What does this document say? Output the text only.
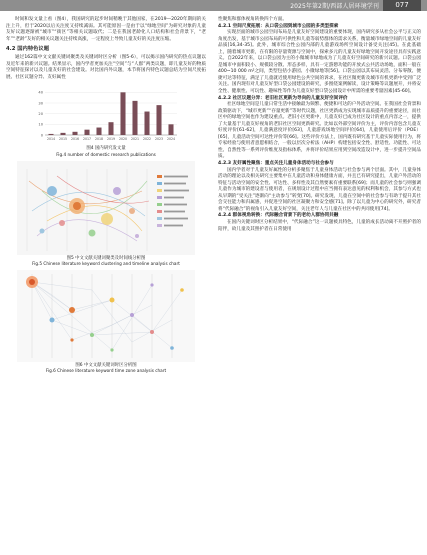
2025年第2期/西部人居环境学刊	077

时间和发文量上看（图4），我国研究的起步时间稍晚于其他国家，在2019—2020年期间的关注上升，但于2020以后关注度又持续减弱。其可能原因一是由于以“绿地空间”为研究对象的儿童友好议题逐渐被“城市”“街区”等相关议题取代；二是在我国老龄化人口结构和社会背景下，“老年”“老龄”友好的相关议题关注持续高涨，一定程度上导致儿童友好的关注度压缩。

4.2 国内特色议题

通过162篇中文文献关键词聚类及关键词时区分析（图5-6），可以揭示国内研究的热点议题以及近年来的新兴议题。结果显示，国内学者更加关注“空间”与“人群”两类议题，即儿童友好的物质空间特征探讨以及儿童友好的社会建设。对比国内外议题，本节将国内特色议题总结为空间尺度拓展、社区议题分异、友好属性

0
10
20
30
40
2014 2015 2016 2017 2018 2019 2020 2021 2022 2023 2024
图4 国内研究发文量
Fig.4 number of domestic research publications
图5 中文文献关键词聚类及时间线分析图
Fig.5 Chinese literature keyword clustering and timeline analysis chart
图6 中文文献关键词时区分析图
Fig.6 Chinese literature keyword time zone analysis chart

性聚焦和群体视角转换四个方面。

4.2.1 空间尺度拓展：从口袋公园到城市公园的多类型探索

实现层面的城市公园空间布局是儿童友好空间建设的重要体现，国内研究多从社会公平与正义的角度出发，基于城市公园布局的可供性和儿童等弱势群体的需求关系，衡量城市绿地空间的儿童友好品质[16,34-35]。此外，城市综合性公园内部的儿童游戏场所空间设计备受关注[45]。在此基础上，随着城市更新，在有限的存量资源与空间中，探索多元的儿童友好绿地空间开发途径具有实践意义。自2022年来，以口袋公园为主的小微城市绿地成为了儿童友好空间研究的新兴议题。口袋公园是城市中面积较小、规模较分散、形态多样，具有一定游憩功能的开放式公共活动场地，面积一般在400~10 000 m²之间，类型包括小游园、小微绿地等[56]。口袋公园以其布局灵活、分布零散、便捷可达等特征，满足了儿童就近使用绿色公共空间的诉求，在社区微更新及城市有机更新中受到广泛关注。国内现有对儿童友好型口袋公园建设的研究，多围绕案例解读，设计策略等议题展开，并将安全性、健康性、可玩性、趣味性等作为儿童友好型口袋公园设计中所需的重要考量因素[45-60]。

4.2.2 社区议题分异：老旧社区更新为导向的儿童友好空间评价

社区绿地空间是儿童日常生活中接触最为频繁、便捷和可达的户外活动空间。在我国社会背景和政策驱动下，“城市更新”“存量更新”等时代议题，社区更新成为实现城市品质提升的重要途径，而社区中的绿地空间也作为建设重点。老旧小区更新中，儿童友好已成为社区设计的重点内容之一，提供了大量基于儿童友好视角的老旧社区空间更新研究。比如以外部空间评价为主，评价内容包含儿童友好度评价[61-62]，儿童满意度评价[63]，儿童游戏场地空间评价[64]，儿童使用后评价（POE）[65]，儿童活动空间可达性评价等[66]。这些评价方法上，国内既有研究基于儿童实际使用行为，将专家经验与使用者意愿相结合，一般以层次分析法（AHP）构建包括安全性、舒适性、功能性、可达性、自然性等一系列评价维度及指标体系，并将评价结果应用到空间改造设计中，进一步提升空间品质。

4.2.3 友好属性聚焦：重点关注儿童身体活动与社会参与

国内学者对于儿童友好属性的分析多聚焦于儿童身体活动与社会参与两个层面。其中，儿童身体活动的理论以及相关研究主要集中在儿童活动和身体健康方面，并且已有研究提出，儿童户外活动的特征与活动空间的安全性、可达性、多样性及其自然要素有重要联系[69]；而儿童的社会参与则强调儿童作为城市的建设者与使用者，在规划设计过程中应当拥有表达意见的权利和机会，其参与方式也从早期的“受关注”逐渐向“主动参与”转变[70]。研究发现，儿童在空间中的社会参与有助于提升其社会交往能力和归属感，并促进空间的社区凝聚力和安全感[71]。除了以儿童为中心的研究外，研究者将“代际融合”的视角引入儿童友好空间，关注老年人与儿童在社区中的共同使用[74]。

4.2.4 群体视角转换：代际融合背景下的老幼人群协同共融

在国内关键词时区分析结果中，“代际融合”这一议题被具特色，儿童的成长活动离不开照护者的陪伴，故儿童及其照护者在日常使用
